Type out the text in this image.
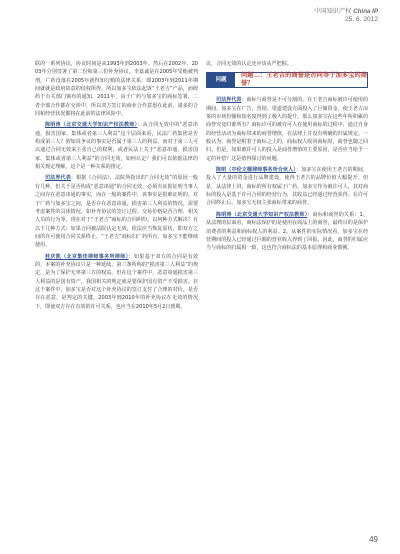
中国知识产权 China IP
25. 6. 2012

联的一系列协议，协议时间是从1993年到2003年。然后在2002年、2003年分别签署了第二份和第三份补充协议。李嘉诚是在2005年受贿被判刑。广药没落在2005年就得知行贿的法律关系，即2003年到2011年期间就就是政府故意的侵权所得。所以加多宝依法起诉“王老吉”产品，而碍药于有关部门颁布的通知，2011年，由于广药与加多宝的商标签署，二者全部合作都在交涉中，所以双方签订的商业合作意愿在此前，诸多的合同和经营状况都将在此前的法律风险中。

陈明涛（北京交通大学知识产权法教师）：从合同无效中的“恶意串通，损害国家、集体或者第三人利益”这个层面来看，民法广药集团是否构成第三人？假如说争议的事实是否属于第三人的利益，而对于第三人可以通过合同无效来主张自己的权利。或者民法上关于“恶意串通，损害国家、集体或者第三人利益”的合同无效，如何认定？我们可以依据法律的相关规定理解，这个是一种关系的推定。

司法界代表：根据《合同法》，法院所指出的“合同无效”的原因一般有几种，但关于是否构成“恶意串通”的合同无效，必须有证据证明当事人之间存在恶意串通的事实，而在一般的案件中，该事实是很难证明的。对于广药与加多宝之间，是否存在恶意串通，损害第三人利益的情况，需要考虑案件的具体情况，如补充协议的签订过程、交易价格是否合理、相关人员的行为等。现在对于“王老吉”商标的合同纠纷，以何种方式解决？有以下几种方式：如果合同被法院认定无效，依法应当恢复原状，即双方之间的许可使用合同关系终止。“王老吉”商标归广药所有，加多宝不能继续使用。

桂庆凯（北京集佳律师事务所律师）：如果基于双方的合同是有效的，本案的补充协议只是一种延续。第三条所称的“损害第三人利益”的规定，是为了保护无辜第三方的权益。但在这个案件中，恶意串通损害第三人利益的是国有资产，我国相关的规定就是要保护国有资产不受损害。在这个案件中，加多宝是否对这个补充协议的签订支付了合理的对价，是否存在恶意，是判定的关键。2003年到2010年的补充协议在无效的情况下，即使双方存在有效的许可关系，也应当在2010年5月2日到期。

议，合同无效的认定还应该从严把握。

问题
问题二：王老吉的商誉是否同等于加多宝的商誉？

司法界代表：商标与商誉是不可分割的。在王老吉商标被许可使用的期间，加多宝在广告、营销、渠道建设方面投入了巨额资金，使王老吉凉茶的市场份额和知名度得到了极大的提升。那么加多宝在这些年所积累的商誉究竟归谁所有？商标许可的被许可人在使用商标的过程中，通过自身的经营活动为商标带来的商誉增值，在法律上并没有明确的归属规定。一般认为，商誉是附着于商标之上的，商标权人收回商标时，商誉也随之回归。但是，如果被许可人的投入是商誉增值的主要原因，是否应当给予一定的补偿？这是值得探讨的问题。

陈明（中伦文德律师事务所合伙人）：加多宝在使用王老吉的期间，投入了大量的资金进行品牌建设，使得王老吉的品牌价值大幅提升。但是，从法律上讲，商标的所有权属于广药，加多宝作为被许可人，其对商标的投入是基于许可合同的经营行为，其收益已经通过经营获得。在许可合同终止后，加多宝无权主张商标带来的商誉。

陈明涛（北京交通大学知识产权法教师）：商标和商誉的关系：1、从法理的层面看，商标法保护的是使用在商品上的商誉，最终目的是保护消费者的利益和商标权人的利益。2、从案件的实际情况看，加多宝在经营期间的投入已经通过巨额的营业收入得到了回报。因此，商誉的归属应当与商标的归属相一致，这也符合商标法的基本原理和商业惯例。

49
